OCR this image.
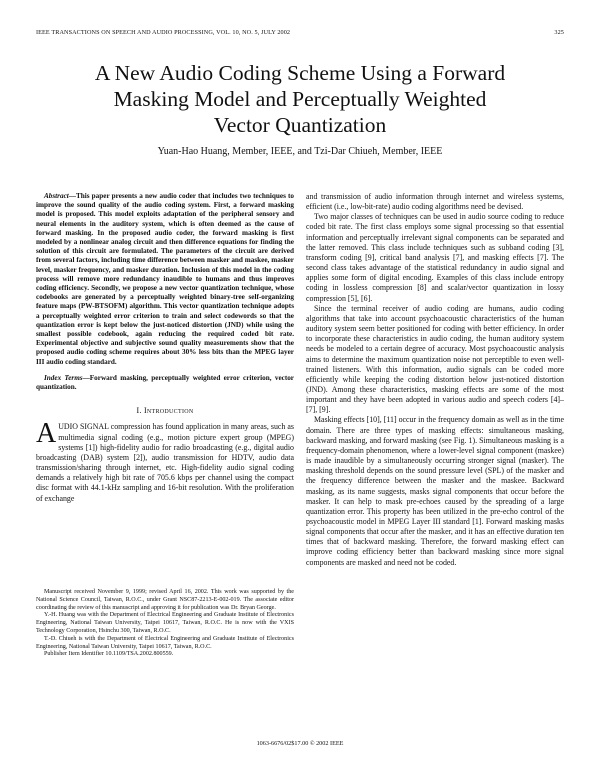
IEEE TRANSACTIONS ON SPEECH AND AUDIO PROCESSING, VOL. 10, NO. 5, JULY 2002	325
A New Audio Coding Scheme Using a Forward
Masking Model and Perceptually Weighted
Vector Quantization
Yuan-Hao Huang, Member, IEEE, and Tzi-Dar Chiueh, Member, IEEE

Abstract—This paper presents a new audio coder that includes two techniques to improve the sound quality of the audio coding system. First, a forward masking model is proposed. This model exploits adaptation of the peripheral sensory and neural elements in the auditory system, which is often deemed as the cause of forward masking. In the proposed audio coder, the forward masking is first modeled by a nonlinear analog circuit and then difference equations for finding the solution of this circuit are formulated. The parameters of the circuit are derived from several factors, including time difference between masker and maskee, masker level, masker frequency, and masker duration. Inclusion of this model in the coding process will remove more redundancy inaudible to humans and thus improves coding efficiency. Secondly, we propose a new vector quantization technique, whose codebooks are generated by a perceptually weighted binary-tree self-organizing feature maps (PW-BTSOFM) algorithm. This vector quantization technique adopts a perceptually weighted error criterion to train and select codewords so that the quantization error is kept below the just-noticed distortion (JND) while using the smallest possible codebook, again reducing the required coded bit rate. Experimental objective and subjective sound quality measurements show that the proposed audio coding scheme requires about 30% less bits than the MPEG layer III audio coding standard.

Index Terms—Forward masking, perceptually weighted error criterion, vector quantization.

I. Introduction

AUDIO SIGNAL compression has found application in many areas, such as multimedia signal coding (e.g., motion picture expert group (MPEG) systems [1]) high-fidelity audio for radio broadcasting (e.g., digital audio broadcasting (DAB) system [2]), audio transmission for HDTV, audio data transmission/sharing through internet, etc. High-fidelity audio signal coding demands a relatively high bit rate of 705.6 kbps per channel using the compact disc format with 44.1-kHz sampling and 16-bit resolution. With the proliferation of exchange

Manuscript received November 9, 1999; revised April 16, 2002. This work was supported by the National Science Council, Taiwan, R.O.C., under Grant NSC87-2213-E-002-019. The associate editor coordinating the review of this manuscript and approving it for publication was Dr. Bryan George.

Y.-H. Huang was with the Department of Electrical Engineering and Graduate Institute of Electronics Engineering, National Taiwan University, Taipei 10617, Taiwan, R.O.C. He is now with the VXIS Technology Corporation, Hsinchu 300, Taiwan, R.O.C.

T.-D. Chiueh is with the Department of Electrical Engineering and Graduate Institute of Electronics Engineering, National Taiwan University, Taipei 10617, Taiwan, R.O.C.

Publisher Item Identifier 10.1109/TSA.2002.800559.

and transmission of audio information through internet and wireless systems, efficient (i.e., low-bit-rate) audio coding algorithms need be devised.

Two major classes of techniques can be used in audio source coding to reduce coded bit rate. The first class employs some signal processing so that essential information and perceptually irrelevant signal components can be separated and the latter removed. This class include techniques such as subband coding [3], transform coding [9], critical band analysis [7], and masking effects [7]. The second class takes advantage of the statistical redundancy in audio signal and applies some form of digital encoding. Examples of this class include entropy coding in lossless compression [8] and scalar/vector quantization in lossy compression [5], [6].

Since the terminal receiver of audio coding are humans, audio coding algorithms that take into account psychoacoustic characteristics of the human auditory system seem better positioned for coding with better efficiency. In order to incorporate these characteristics in audio coding, the human auditory system needs be modeled to a certain degree of accuracy. Most psychoacoustic analysis aims to determine the maximum quantization noise not perceptible to even well-trained listeners. With this information, audio signals can be coded more efficiently while keeping the coding distortion below just-noticed distortion (JND). Among these characteristics, masking effects are some of the most important and they have been adopted in various audio and speech coders [4]–[7], [9].

Masking effects [10], [11] occur in the frequency domain as well as in the time domain. There are three types of masking effects: simultaneous masking, backward masking, and forward masking (see Fig. 1). Simultaneous masking is a frequency-domain phenomenon, where a lower-level signal component (maskee) is made inaudible by a simultaneously occurring stronger signal (masker). The masking threshold depends on the sound pressure level (SPL) of the masker and the frequency difference between the masker and the maskee. Backward masking, as its name suggests, masks signal components that occur before the masker. It can help to mask pre-echoes caused by the spreading of a large quantization error. This property has been utilized in the pre-echo control of the psychoacoustic model in MPEG Layer III standard [1]. Forward masking masks signal components that occur after the masker, and it has an effective duration ten times that of backward masking. Therefore, the forward masking effect can improve coding efficiency better than backward masking since more signal components are masked and need not be coded.

1063-6676/02$17.00 © 2002 IEEE
